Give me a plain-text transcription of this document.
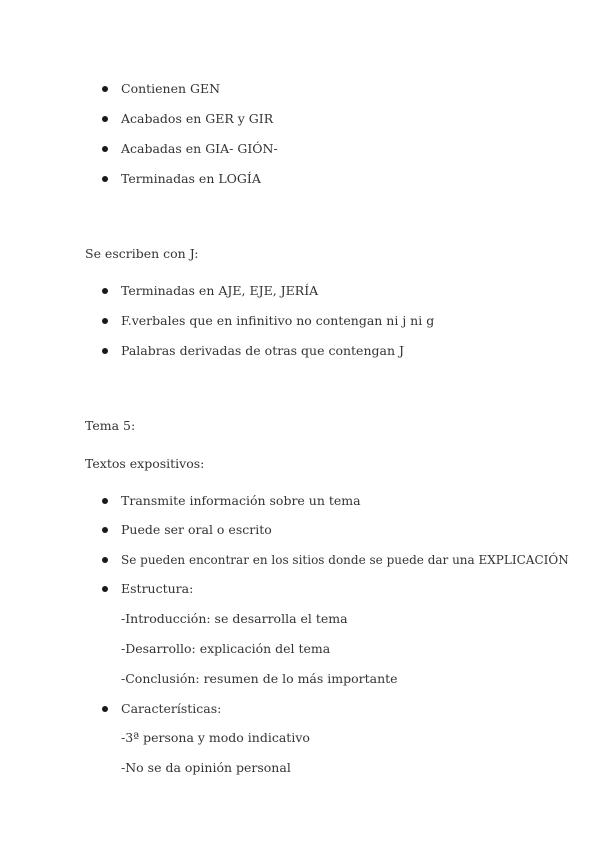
Contienen GEN
Acabados en GER y GIR
Acabadas en GIA- GIÓN-
Terminadas en LOGÍA
Se escriben con J:
Terminadas en AJE, EJE, JERÍA
F.verbales que en infinitivo no contengan ni j ni g
Palabras derivadas de otras que contengan J
Tema 5:
Textos expositivos:
Transmite información sobre un tema
Puede ser oral o escrito
Se pueden encontrar en los sitios donde se puede dar una EXPLICACIÓN
Estructura:
-Introducción: se desarrolla el tema
-Desarrollo: explicación del tema
-Conclusión: resumen de lo más importante
Características:
-3ª persona y modo indicativo
-No se da opinión personal
